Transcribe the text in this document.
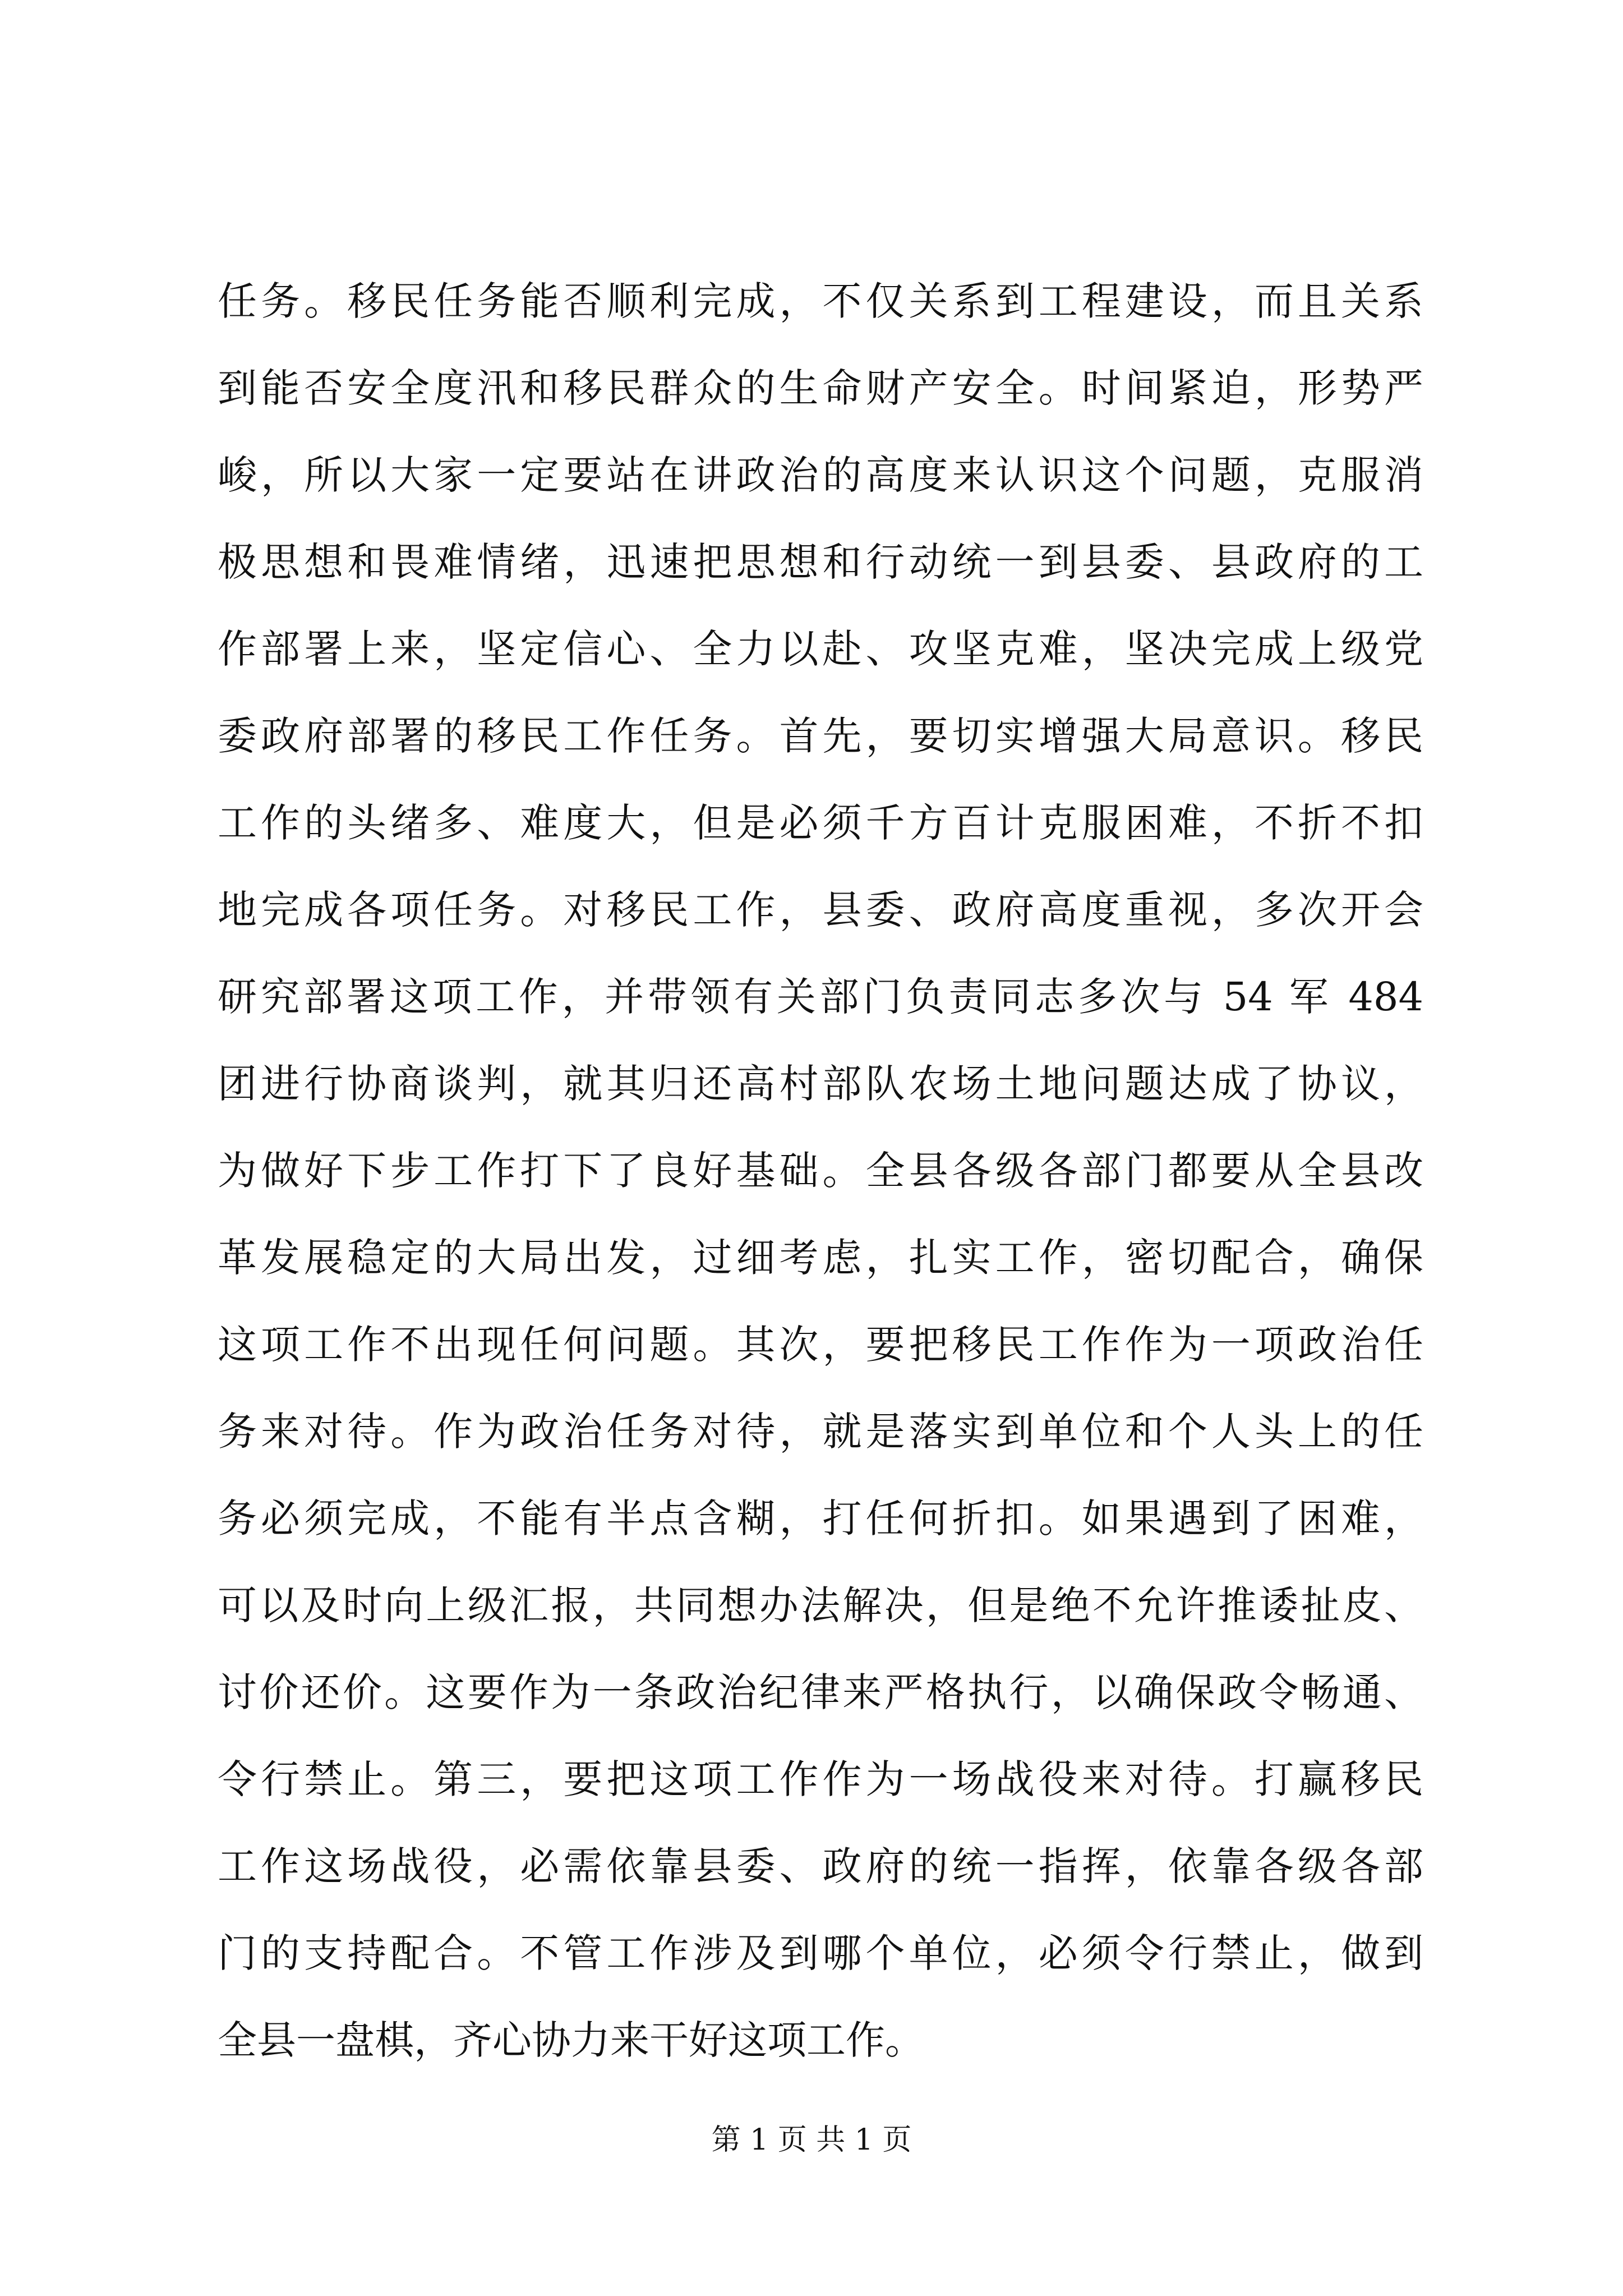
任务。移民任务能否顺利完成，不仅关系到工程建设，而且关系
到能否安全度汛和移民群众的生命财产安全。时间紧迫，形势严
峻，所以大家一定要站在讲政治的高度来认识这个问题，克服消
极思想和畏难情绪，迅速把思想和行动统一到县委、县政府的工
作部署上来，坚定信心、全力以赴、攻坚克难，坚决完成上级党
委政府部署的移民工作任务。首先，要切实增强大局意识。移民
工作的头绪多、难度大，但是必须千方百计克服困难，不折不扣
地完成各项任务。对移民工作，县委、政府高度重视，多次开会
研究部署这项工作，并带领有关部门负责同志多次与 54 军 484
团进行协商谈判，就其归还高村部队农场土地问题达成了协议，
为做好下步工作打下了良好基础。全县各级各部门都要从全县改
革发展稳定的大局出发，过细考虑，扎实工作，密切配合，确保
这项工作不出现任何问题。其次，要把移民工作作为一项政治任
务来对待。作为政治任务对待，就是落实到单位和个人头上的任
务必须完成，不能有半点含糊，打任何折扣。如果遇到了困难，
可以及时向上级汇报，共同想办法解决，但是绝不允许推诿扯皮、
讨价还价。这要作为一条政治纪律来严格执行，以确保政令畅通、
令行禁止。第三，要把这项工作作为一场战役来对待。打赢移民
工作这场战役，必需依靠县委、政府的统一指挥，依靠各级各部
门的支持配合。不管工作涉及到哪个单位，必须令行禁止，做到
全县一盘棋，齐心协力来干好这项工作。
第 1 页 共 1 页
